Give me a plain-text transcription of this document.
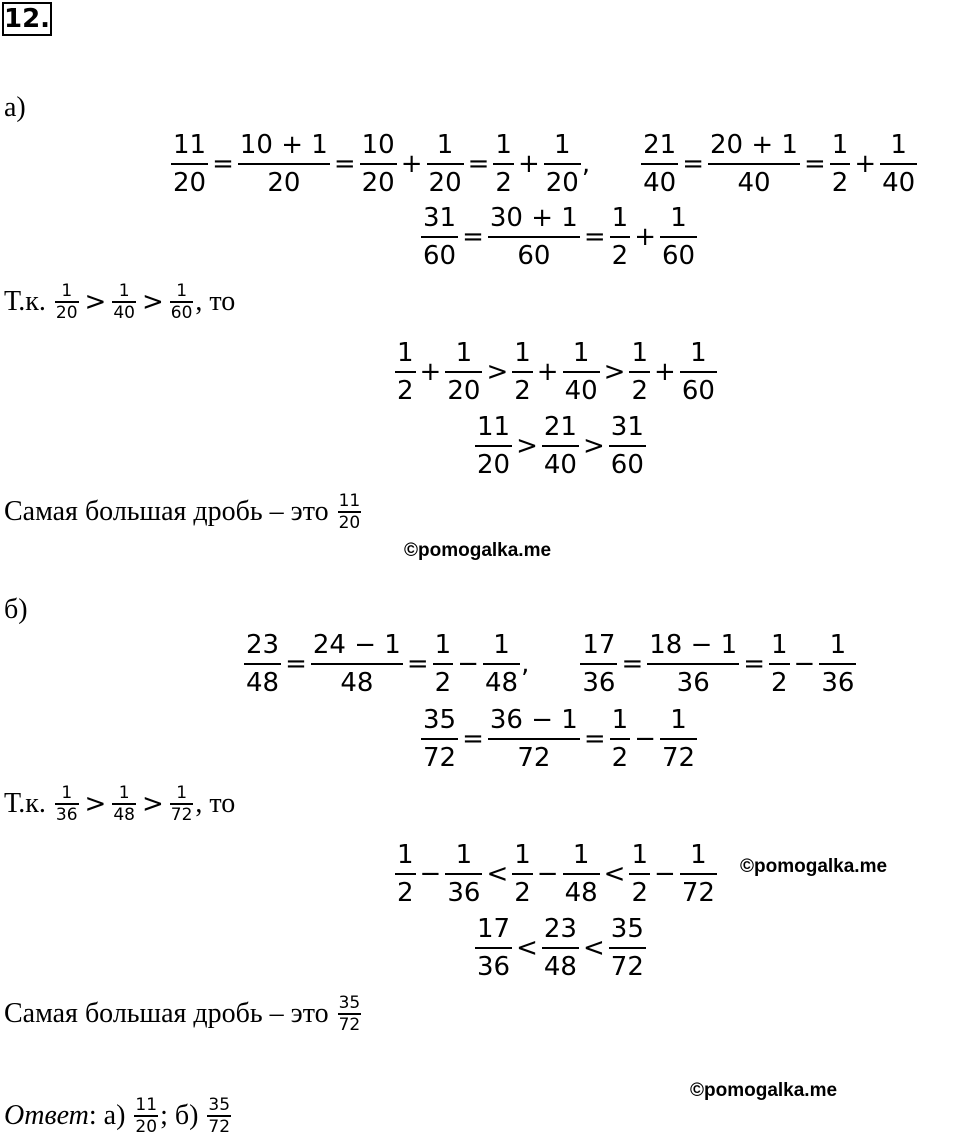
12.
а)
$\frac{11}{20} = \frac{10 + 1}{20} = \frac{10}{20} + \frac{1}{20} = \frac{1}{2} + \frac{1}{20}$ , $\frac{21}{40} = \frac{20 + 1}{40} = \frac{1}{2} + \frac{1}{40}$
$\frac{31}{60} = \frac{30 + 1}{60} = \frac{1}{2} + \frac{1}{60}$
Т.к.
1
20 > 1
40 > 1
60 , то
$\frac{1}{2} + \frac{1}{20} > \frac{1}{2} + \frac{1}{40} > \frac{1}{2} + \frac{1}{60}$
$\frac{11}{20} > \frac{21}{40} > \frac{31}{60}$
Самая большая дробь – это
11
20
©pomogalka.me
б)
$\frac{23}{48} = \frac{24 - 1}{48} = \frac{1}{2} - \frac{1}{48}$ , $\frac{17}{36} = \frac{18 - 1}{36} = \frac{1}{2} - \frac{1}{36}$
$\frac{35}{72} = \frac{36 - 1}{72} = \frac{1}{2} - \frac{1}{72}$
Т.к.
1
36 > 1
48 > 1
72 , то
$\frac{1}{2} - \frac{1}{36} < \frac{1}{2} - \frac{1}{48} < \frac{1}{2} - \frac{1}{72}$ ©pomogalka.me
$\frac{17}{36} < \frac{23}{48} < \frac{35}{72}$
Самая большая дробь – это
35
72
©pomogalka.me
Ответ :
а)
11
20 ;
б)
35
72
